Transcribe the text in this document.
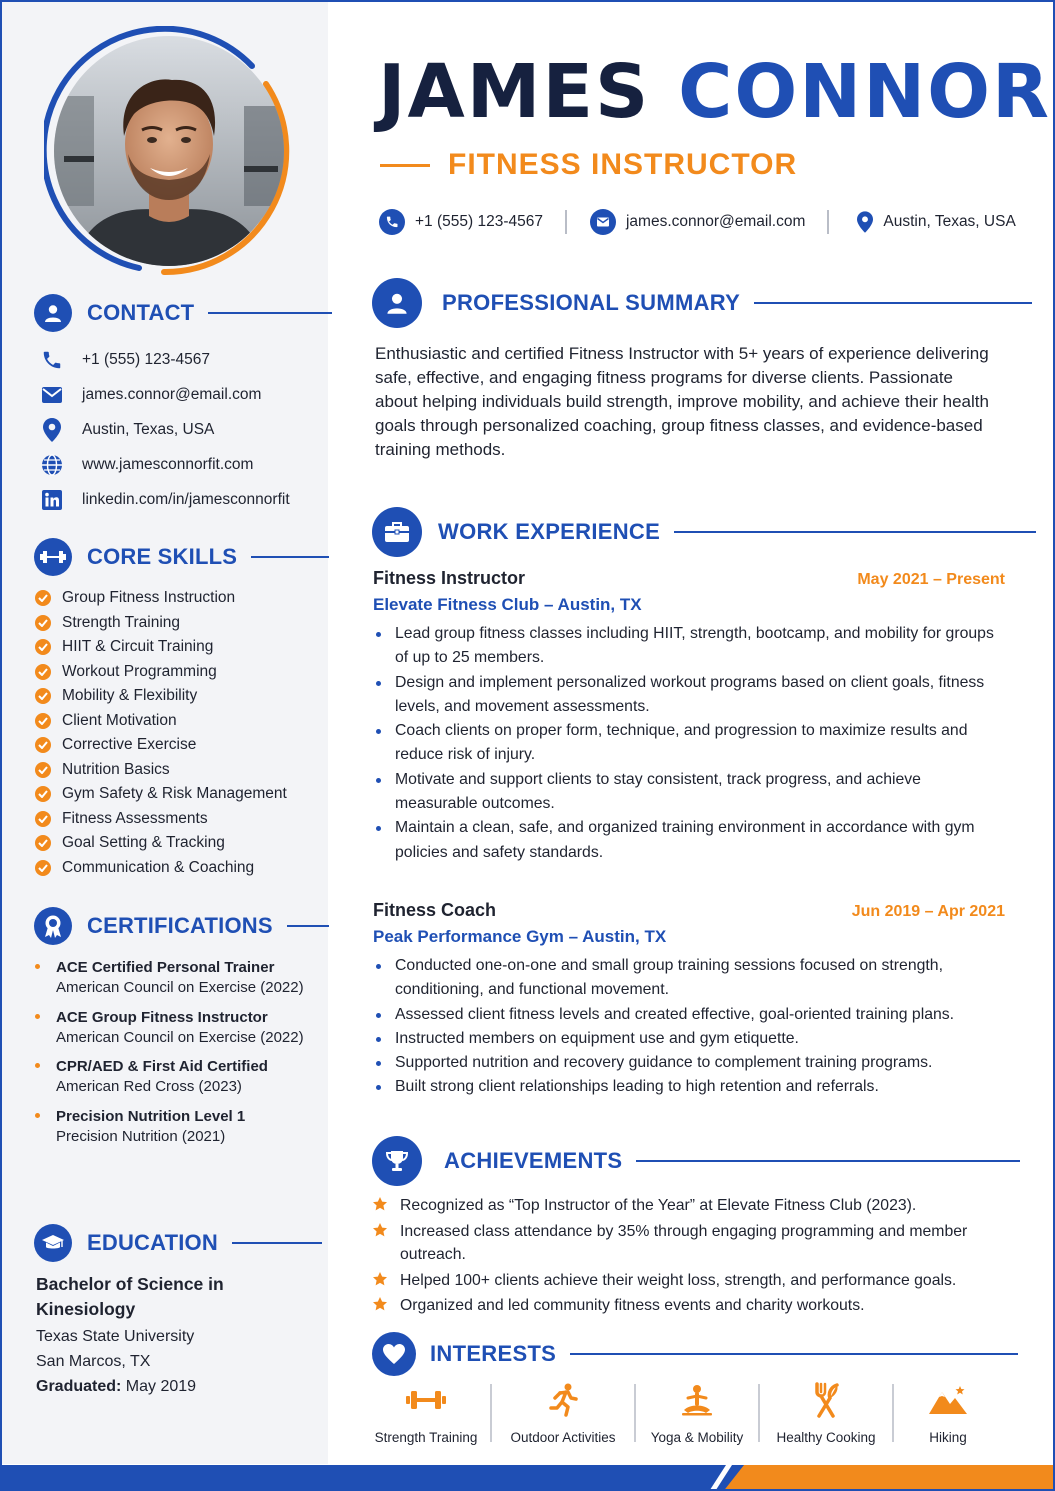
CONTACT
+1 (555) 123-4567
james.connor@email.com
Austin, Texas, USA
www.jamesconnorfit.com
linkedin.com/in/jamesconnorfit
CORE SKILLS
Group Fitness Instruction
Strength Training
HIIT & Circuit Training
Workout Programming
Mobility & Flexibility
Client Motivation
Corrective Exercise
Nutrition Basics
Gym Safety & Risk Management
Fitness Assessments
Goal Setting & Tracking
Communication & Coaching
CERTIFICATIONS
ACE Certified Personal Trainer
American Council on Exercise (2022)
ACE Group Fitness Instructor
American Council on Exercise (2022)
CPR/AED & First Aid Certified
American Red Cross (2023)
Precision Nutrition Level 1
Precision Nutrition (2021)
EDUCATION
Bachelor of Science in Kinesiology
Texas State University
San Marcos, TX
Graduated: May 2019
JAMES CONNOR
FITNESS INSTRUCTOR
+1 (555) 123-4567	james.connor@email.com	Austin, Texas, USA
PROFESSIONAL SUMMARY
Enthusiastic and certified Fitness Instructor with 5+ years of experience delivering safe, effective, and engaging fitness programs for diverse clients. Passionate about helping individuals build strength, improve mobility, and achieve their health goals through personalized coaching, group fitness classes, and evidence-based training methods.
WORK EXPERIENCE
Fitness Instructor	May 2021 – Present
Elevate Fitness Club – Austin, TX
Lead group fitness classes including HIIT, strength, bootcamp, and mobility for groups of up to 25 members.
Design and implement personalized workout programs based on client goals, fitness levels, and movement assessments.
Coach clients on proper form, technique, and progression to maximize results and reduce risk of injury.
Motivate and support clients to stay consistent, track progress, and achieve measurable outcomes.
Maintain a clean, safe, and organized training environment in accordance with gym policies and safety standards.
Fitness Coach	Jun 2019 – Apr 2021
Peak Performance Gym – Austin, TX
Conducted one-on-one and small group training sessions focused on strength, conditioning, and functional movement.
Assessed client fitness levels and created effective, goal-oriented training plans.
Instructed members on equipment use and gym etiquette.
Supported nutrition and recovery guidance to complement training programs.
Built strong client relationships leading to high retention and referrals.
ACHIEVEMENTS
Recognized as “Top Instructor of the Year” at Elevate Fitness Club (2023).
Increased class attendance by 35% through engaging programming and member outreach.
Helped 100+ clients achieve their weight loss, strength, and performance goals.
Organized and led community fitness events and charity workouts.
INTERESTS
Strength Training Outdoor Activities	Yoga & Mobility Healthy Cooking	Hiking
